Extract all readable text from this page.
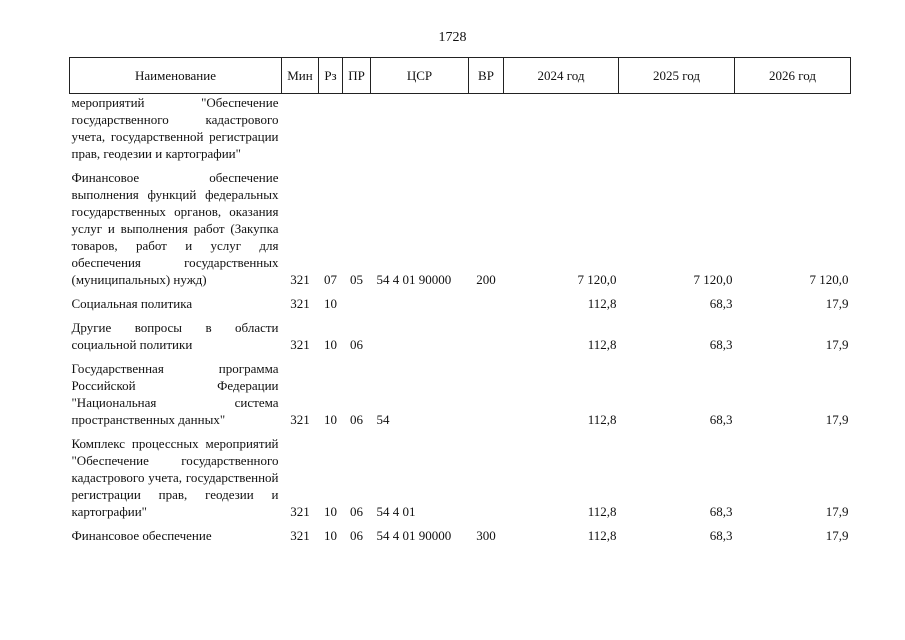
1728
Наименование	Мин	Рз	ПР	ЦСР	ВР	2024 год	2025 год	2026 год
мероприятий "Обеспечение государственного кадастрового учета, государственной регистрации прав, геодезии и картографии"								
Финансовое обеспечение выполнения функций федеральных государственных органов, оказания услуг и выполнения работ (Закупка товаров, работ и услуг для обеспечения государственных (муниципальных) нужд)	321	07	05	54 4 01 90000	200	7 120,0	7 120,0	7 120,0
Социальная политика	321	10				112,8	68,3	17,9
Другие вопросы в области социальной политики	321	10	06			112,8	68,3	17,9
Государственная программа Российской Федерации "Национальная система пространственных данных"	321	10	06	54		112,8	68,3	17,9
Комплекс процессных мероприятий "Обеспечение государственного кадастрового учета, государственной регистрации прав, геодезии и картографии"	321	10	06	54 4 01		112,8	68,3	17,9
Финансовое обеспечение	321	10	06	54 4 01 90000	300	112,8	68,3	17,9
